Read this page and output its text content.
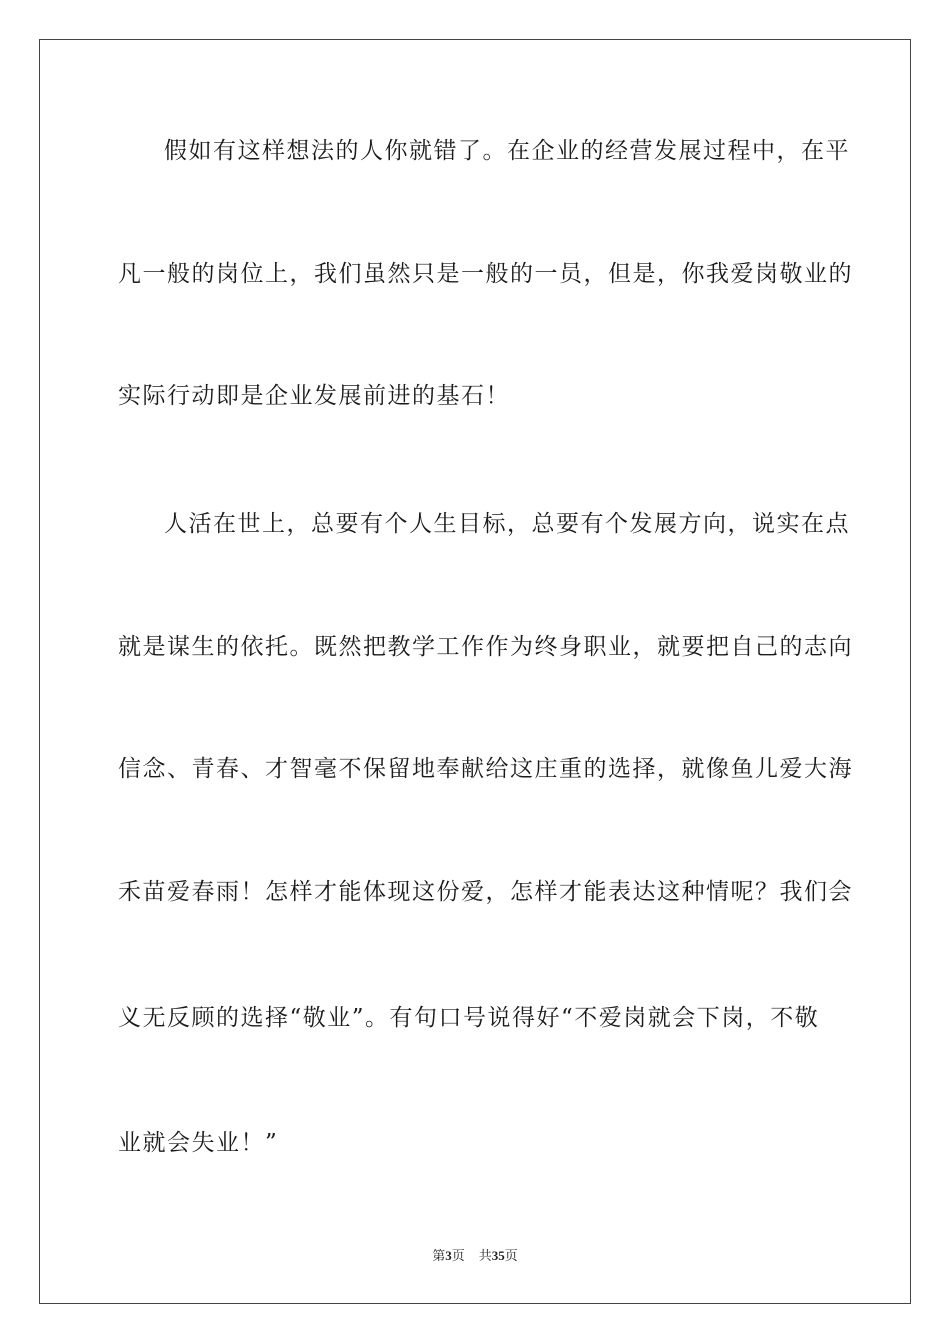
假如有这样想法的人你就错了。在企业的经营发展过程中，在平
凡一般的岗位上，我们虽然只是一般的一员，但是，你我爱岗敬业的
实际行动即是企业发展前进的基石！
人活在世上，总要有个人生目标，总要有个发展方向，说实在点
就是谋生的依托。既然把教学工作作为终身职业，就要把自己的志向
信念、青春、才智毫不保留地奉献给这庄重的选择，就像鱼儿爱大海
禾苗爱春雨！怎样才能体现这份爱，怎样才能表达这种情呢？我们会
义无反顾的选择“敬业”。有句口号说得好“不爱岗就会下岗，不敬
业就会失业！”
第3页 共35页
